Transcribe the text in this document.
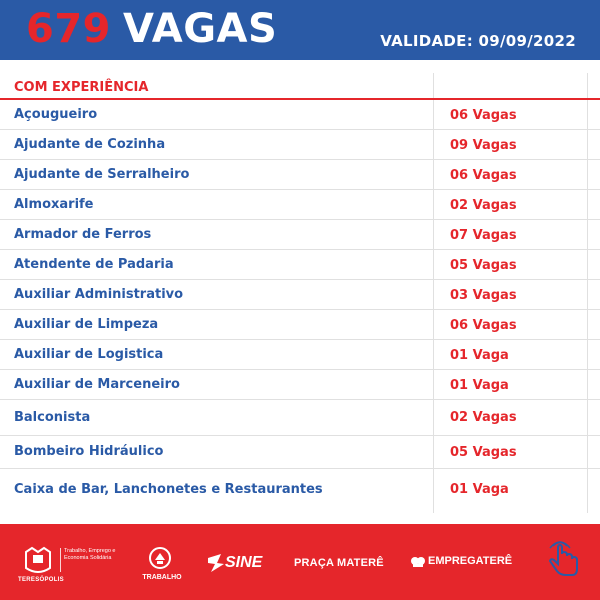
679 VAGAS	VALIDADE: 09/09/2022
COM EXPERIÊNCIA
Açougueiro	06 Vagas
Ajudante de Cozinha	09 Vagas
Ajudante de Serralheiro	06 Vagas
Almoxarife	02 Vagas
Armador de Ferros	07 Vagas
Atendente de Padaria	05 Vagas
Auxiliar Administrativo	03 Vagas
Auxiliar de Limpeza	06 Vagas
Auxiliar de Logistica	01 Vaga
Auxiliar de Marceneiro	01 Vaga
Balconista	02 Vagas
Bombeiro Hidráulico	05 Vagas
Caixa de Bar, Lanchonetes e Restaurantes	01 Vaga
TERESÓPOLIS
Trabalho, Emprego e Economia Solidária
TRABALHO
SINE	PRAÇA MATERÊ	EMPREGATERÊ
